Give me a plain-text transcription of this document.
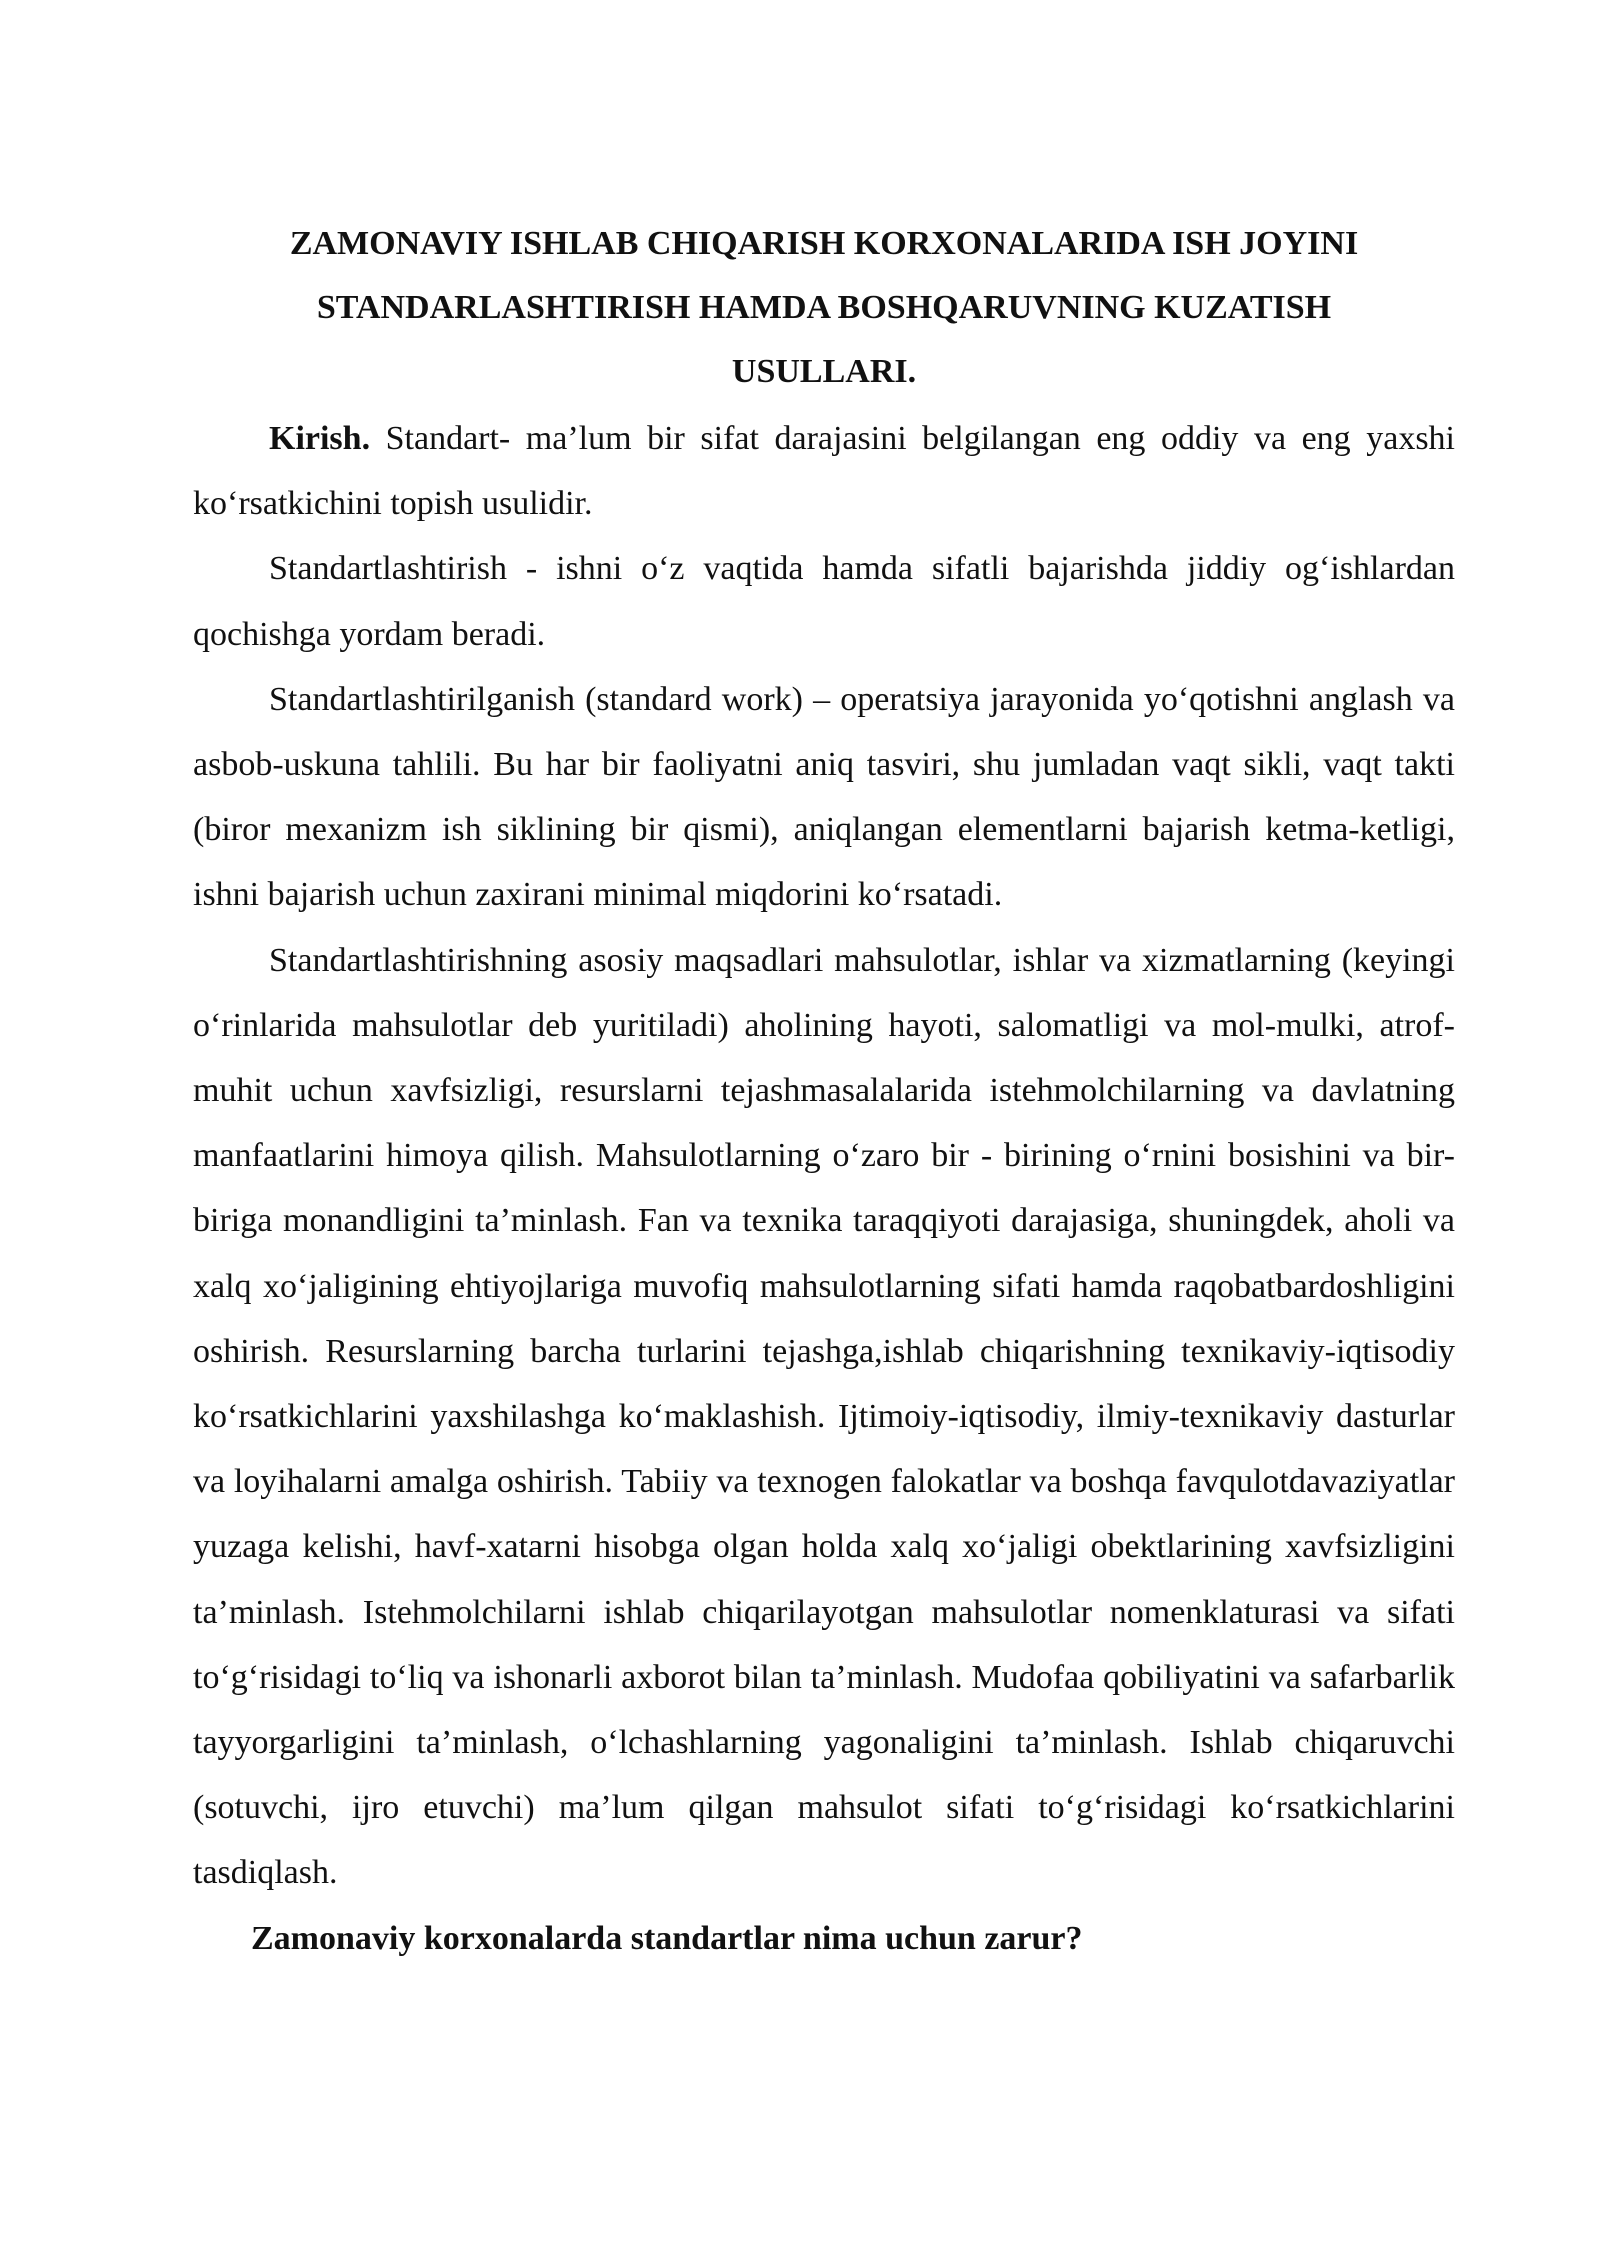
ZAMONAVIY ISHLAB CHIQARISH KORXONALARIDA ISH JOYINI
STANDARLASHTIRISH HAMDA BOSHQARUVNING KUZATISH
USULLARI.

Kirish. Standart- ma’lum bir sifat darajasini belgilangan eng oddiy va eng yaxshi ko‘rsatkichini topish usulidir.

Standartlashtirish - ishni o‘z vaqtida hamda sifatli bajarishda jiddiy og‘ishlardan qochishga yordam beradi.

Standartlashtirilganish (standard work) – operatsiya jarayonida yo‘qotishni anglash va asbob-uskuna tahlili. Bu har bir faoliyatni aniq tasviri, shu jumladan vaqt sikli, vaqt takti (biror mexanizm ish siklining bir qismi), aniqlangan elementlarni bajarish ketma-ketligi, ishni bajarish uchun zaxirani minimal miqdorini ko‘rsatadi.

Standartlashtirishning asosiy maqsadlari mahsulotlar, ishlar va xizmatlarning (keyingi o‘rinlarida mahsulotlar deb yuritiladi) aholining hayoti, salomatligi va mol-mulki, atrof-muhit uchun xavfsizligi, resurslarni tejashmasalalarida istehmolchilarning va davlatning manfaatlarini himoya qilish. Mahsulotlarning o‘zaro bir - birining o‘rnini bosishini va bir-biriga monandligini ta’minlash. Fan va texnika taraqqiyoti darajasiga, shuningdek, aholi va xalq xo‘jaligining ehtiyojlariga muvofiq mahsulotlarning sifati hamda raqobatbardoshligini oshirish. Resurslarning barcha turlarini tejashga,ishlab chiqarishning texnikaviy-iqtisodiy ko‘rsatkichlarini yaxshilashga ko‘maklashish. Ijtimoiy-iqtisodiy, ilmiy-texnikaviy dasturlar va loyihalarni amalga oshirish. Tabiiy va texnogen falokatlar va boshqa favqulotdavaziyatlar yuzaga kelishi, havf-xatarni hisobga olgan holda xalq xo‘jaligi obektlarining xavfsizligini ta’minlash. Istehmolchilarni ishlab chiqarilayotgan mahsulotlar nomenklaturasi va sifati to‘g‘risidagi to‘liq va ishonarli axborot bilan ta’minlash. Mudofaa qobiliyatini va safarbarlik tayyorgarligini ta’minlash, o‘lchashlarning yagonaligini ta’minlash. Ishlab chiqaruvchi (sotuvchi, ijro etuvchi) ma’lum qilgan mahsulot sifati to‘g‘risidagi ko‘rsatkichlarini tasdiqlash.

Zamonaviy korxonalarda standartlar nima uchun zarur?
